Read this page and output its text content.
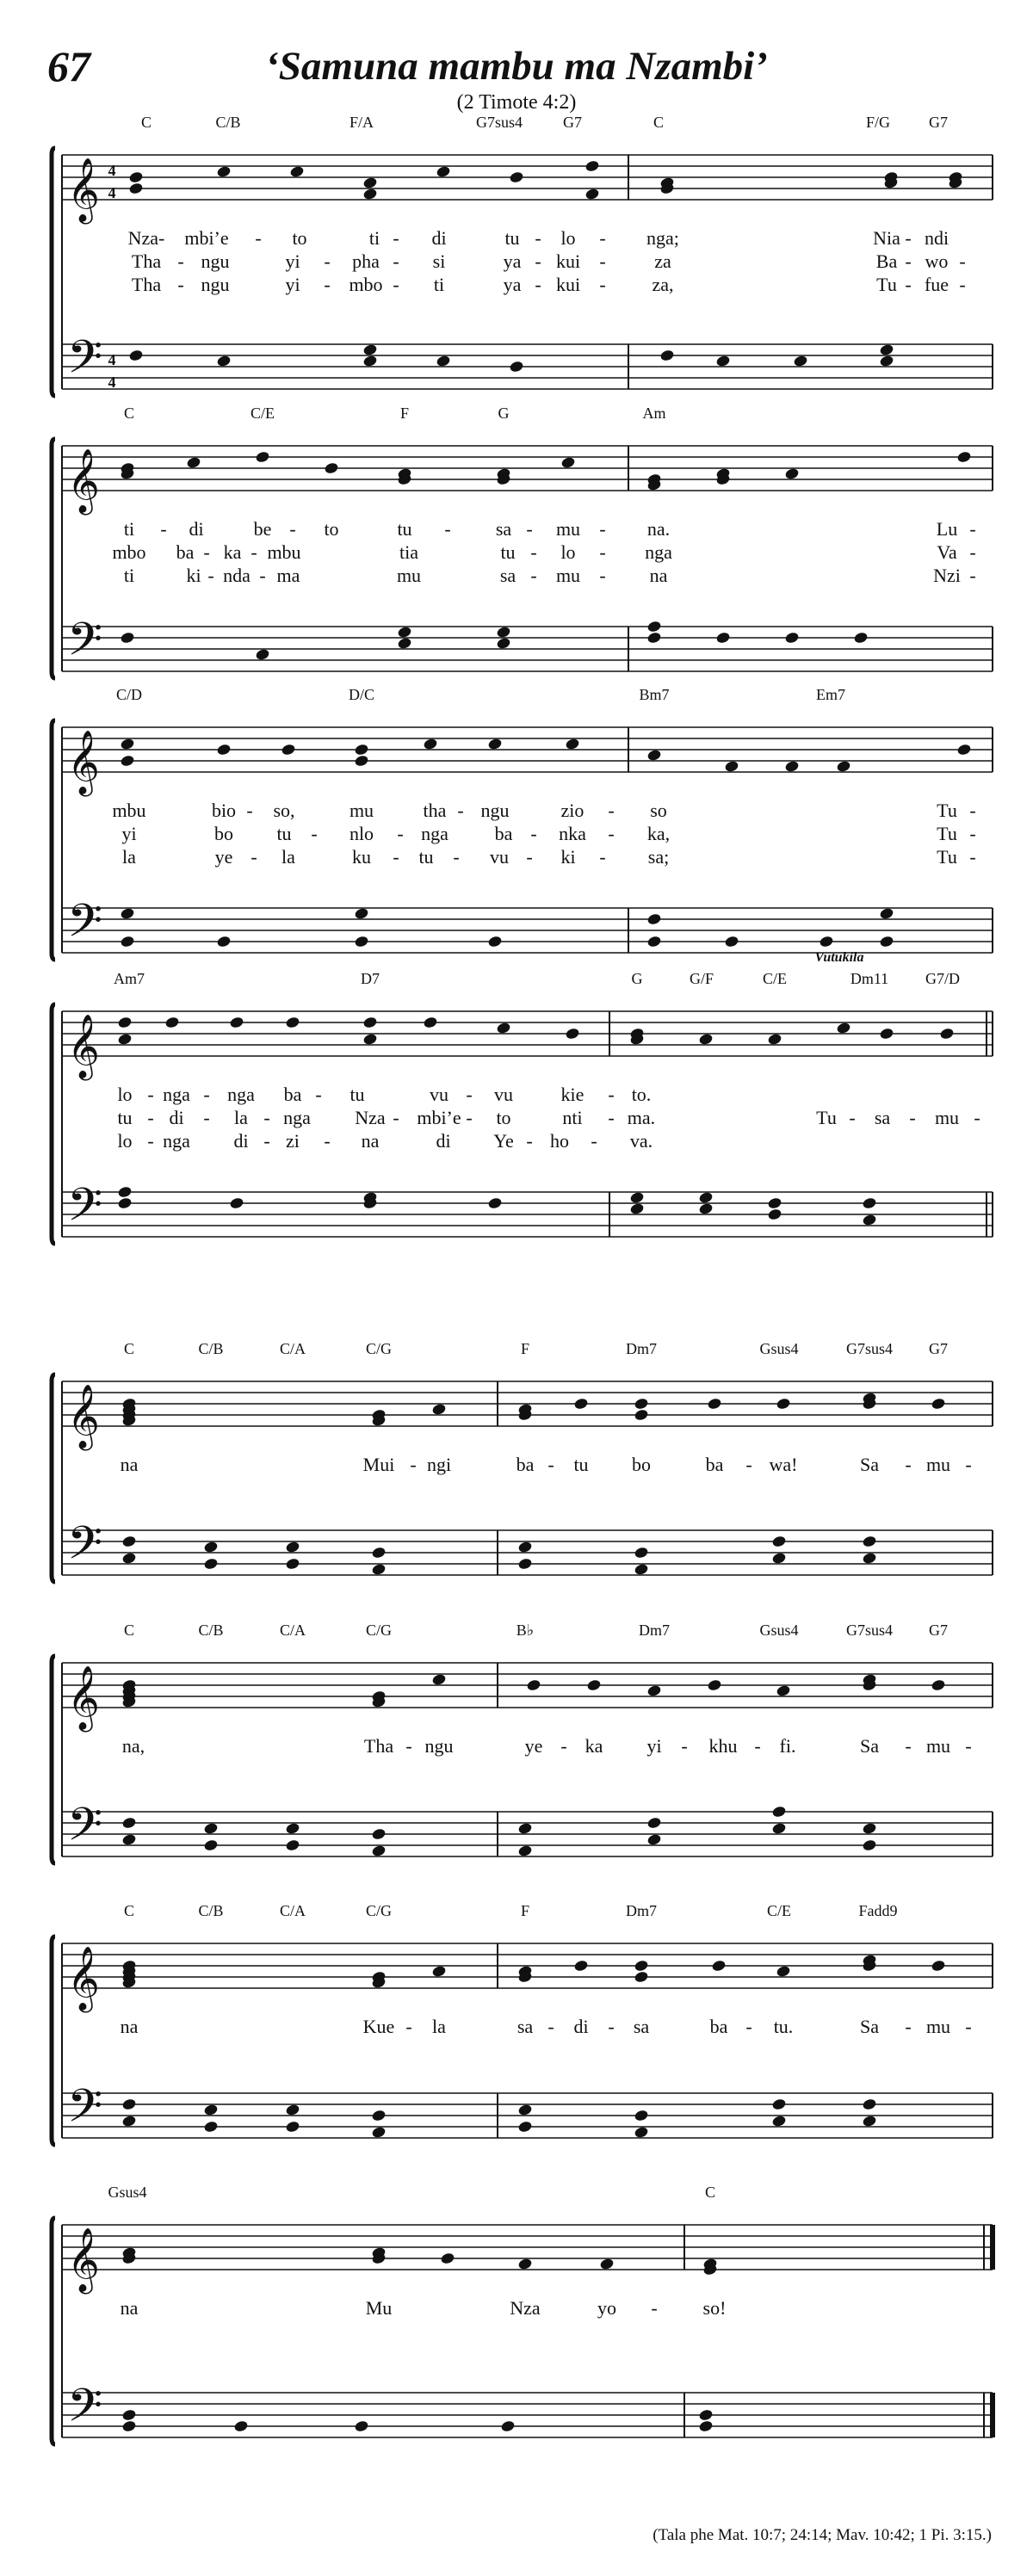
67	‘Samuna mambu ma Nzambi’
(2 Timote 4:2)
𝄞 4
4
𝄢 4
4
C	C/B	F/A	G7sus4	G7	C	F/G G7
Nza- mbi’e - to	ti - di	tu - lo - nga;	Nia - ndi
Tha - ngu	yi - pha - si	ya - kui -	za	Ba - wo -
Tha - ngu	yi - mbo - ti	ya - kui - za,	Tu - fue -
𝄞
𝄢
C	C/E	F	G	Am
ti - di	be - to	tu - sa - mu - na.	Lu -
mbo ba - ka - mbu	tia	tu - lo - nga	Va -
ti	ki - nda - ma	mu	sa - mu - na	Nzi -
𝄞
𝄢
C/D	D/C	Bm7	Em7
mbu	bio - so,	mu	tha - ngu	zio - so	Tu -
yi	bo tu - nlo - nga ba - nka - ka,	Tu -
la	ye - la	ku - tu - vu - ki - sa;	Tu -
𝄞
𝄢
Am7	D7	G	G/F	C/E	Dm11 G7/D
Vutukila
lo - nga - nga ba - tu	vu - vu	kie - to.
tu - di - la - nga Nza - mbi’e - to	nti - ma.	Tu - sa - mu -
lo - nga di - zi - na	di Ye - ho - va.
𝄞
𝄢
C	C/B	C/A	C/G	F	Dm7	Gsus4	G7sus4 G7
na	Mui - ngi	ba - tu bo	ba - wa!	Sa - mu -
𝄞
𝄢
C	C/B	C/A	C/G	B♭	Dm7	Gsus4	G7sus4 G7
na,	Tha - ngu	ye - ka yi - khu - fi.	Sa - mu -
𝄞
𝄢
C	C/B	C/A	C/G	F	Dm7	C/E	Fadd9
na	Kue - la	sa - di - sa	ba - tu.	Sa - mu -
𝄞
𝄢
Gsus4	C
na	Mu	Nza	yo - so!
(Tala phe Mat. 10:7; 24:14; Mav. 10:42; 1 Pi. 3:15.)
